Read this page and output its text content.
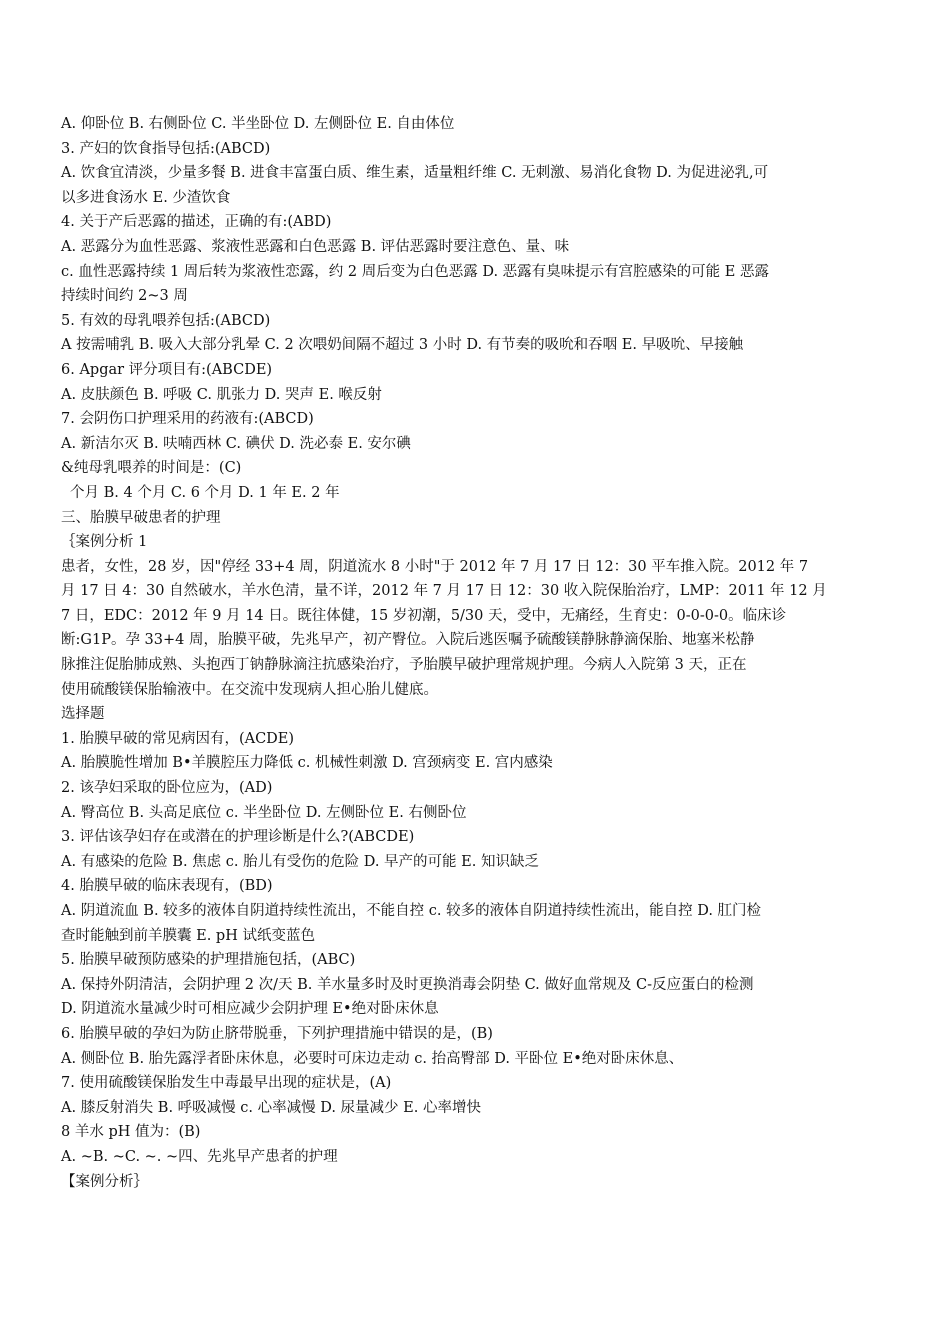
A. 仰卧位 B. 右侧卧位 C. 半坐卧位 D. 左侧卧位 E. 自由体位
3. 产妇的饮食指导包括:(ABCD)
A. 饮食宜清淡，少量多餐 B. 进食丰富蛋白质、维生素，适量粗纤维 C. 无刺激、易消化食物 D. 为促进泌乳,可
以多进食汤水 E. 少渣饮食
4. 关于产后恶露的描述，正确的有:(ABD)
A. 恶露分为血性恶露、浆液性恶露和白色恶露 B. 评估恶露时要注意色、量、味
c. 血性恶露持续 1 周后转为浆液性恋露，约 2 周后变为白色恶露 D. 恶露有臭味提示有宫腔感染的可能 E 恶露
持续时间约 2~3 周
5. 有效的母乳喂养包括:(ABCD)
A 按需哺乳 B. 吸入大部分乳晕 C. 2 次喂奶间隔不超过 3 小时 D. 有节奏的吸吮和吞咽 E. 早吸吮、早接触
6. Apgar 评分项目有:(ABCDE)
A. 皮肤颜色 B. 呼吸 C. 肌张力 D. 哭声 E. 喉反射
7. 会阴伤口护理采用的药液有:(ABCD)
A. 新洁尔灭 B. 呋喃西林 C. 碘伏 D. 洗必泰 E. 安尔碘
&纯母乳喂养的时间是：(C)
个月 B. 4 个月 C. 6 个月 D. 1 年 E. 2 年
三、胎膜早破患者的护理
｛案例分析 1
患者，女性，28 岁，因"停经 33+4 周，阴道流水 8 小时"于 2012 年 7 月 17 日 12：30 平车推入院。2012 年 7
月 17 日 4：30 自然破水，羊水色清，量不详，2012 年 7 月 17 日 12：30 收入院保胎治疗，LMP：2011 年 12 月
7 日，EDC：2012 年 9 月 14 日。既往体健，15 岁初潮，5/30 天，受中，无痛经，生育史：0-0-0-0。临床诊
断:G1P。孕 33+4 周，胎膜平破，先兆早产，初产臀位。入院后逃医嘱予硫酸镁静脉静滴保胎、地塞米松静
脉推注促胎肺成熟、头抱西丁钠静脉滴注抗感染治疗，予胎膜早破护理常规护理。今病人入院第 3 天，正在
使用硫酸镁保胎输液中。在交流中发现病人担心胎儿健底。
选择题
1. 胎膜早破的常见病因有，(ACDE)
A. 胎膜脆性增加 B•羊膜腔压力降低 c. 机械性刺激 D. 宫颈病变 E. 宫内感染
2. 该孕妇采取的卧位应为，(AD)
A. 臀高位 B. 头高足底位 c. 半坐卧位 D. 左侧卧位 E. 右侧卧位
3. 评估该孕妇存在或潜在的护理诊断是什么?(ABCDE)
A. 有感染的危险 B. 焦虑 c. 胎儿有受伤的危险 D. 早产的可能 E. 知识缺乏
4. 胎膜早破的临床表现有，(BD)
A. 阴道流血 B. 较多的液体自阴道持续性流出，不能自控 c. 较多的液体自阴道持续性流出，能自控 D. 肛门检
查时能触到前羊膜囊 E. pH 试纸变蓝色
5. 胎膜早破预防感染的护理措施包括，(ABC)
A. 保持外阴清洁，会阴护理 2 次/天 B. 羊水量多时及时更换消毒会阴垫 C. 做好血常规及 C-反应蛋白的检测
D. 阴道流水量减少时可相应减少会阴护理 E•绝对卧床休息
6. 胎膜早破的孕妇为防止脐带脱垂，下列护理措施中错误的是，(B)
A. 侧卧位 B. 胎先露浮者卧床休息，必要时可床边走动 c. 抬高臀部 D. 平卧位 E•绝对卧床休息、
7. 使用硫酸镁保胎发生中毒最早出现的症状是，(A)
A. 膝反射消失 B. 呼吸减慢 c. 心率减慢 D. 尿量减少 E. 心率增快
8 羊水 pH 值为：(B)
A. ~B. ~C. ~. ~四、先兆早产患者的护理
【案例分析｝
